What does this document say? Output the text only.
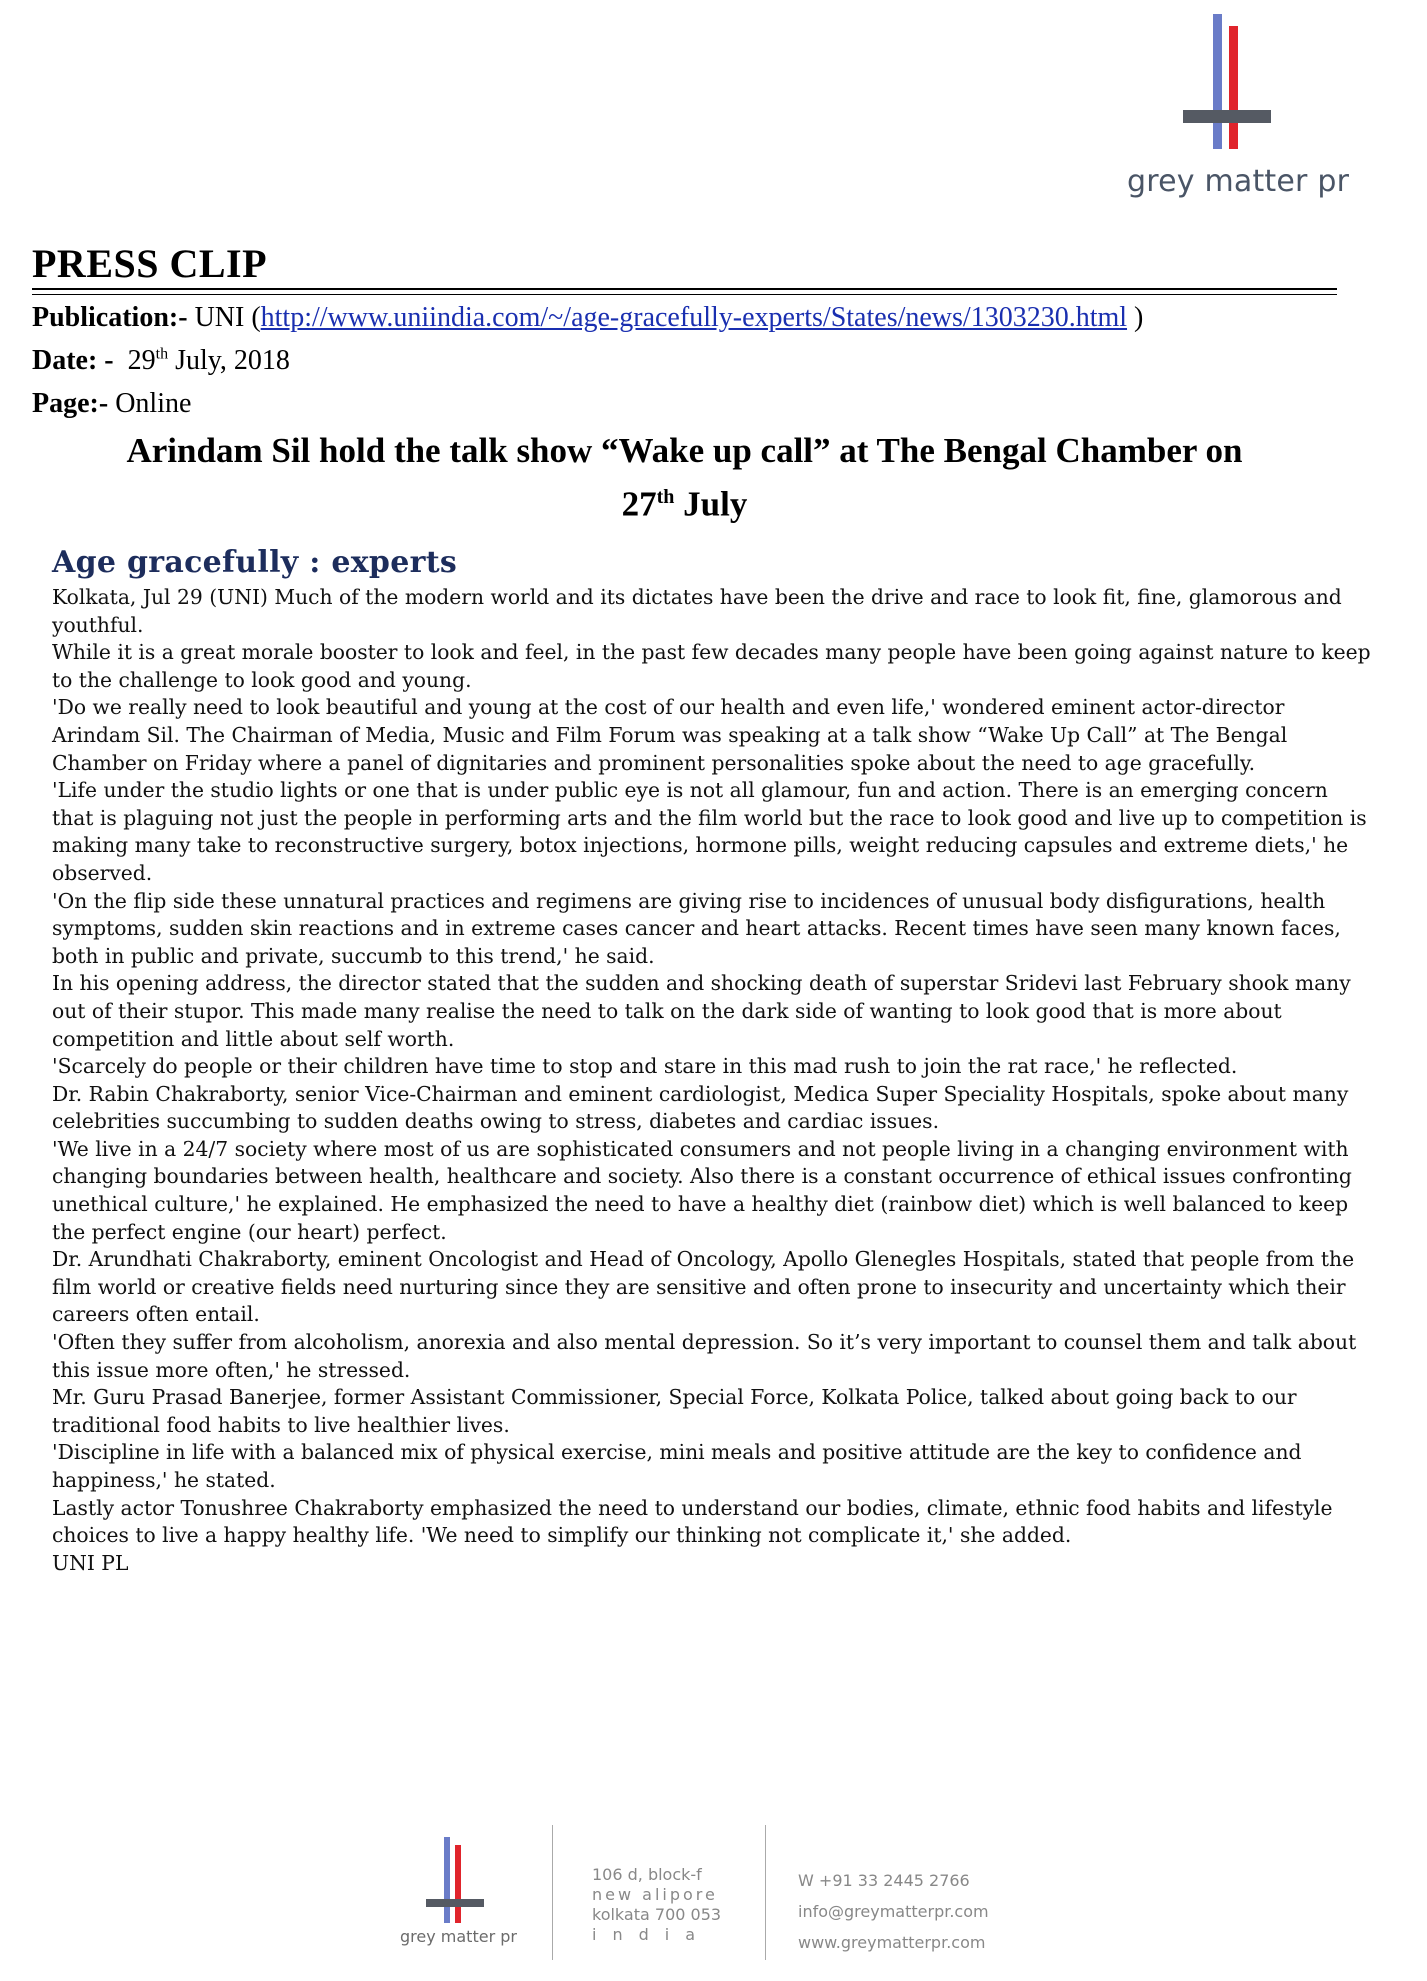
grey matter pr
PRESS CLIP
Publication:- UNI (http://www.uniindia.com/~/age-gracefully-experts/States/news/1303230.html )
Date: - 29th July, 2018
Page:- Online
Arindam Sil hold the talk show “Wake up call” at The Bengal Chamber on
27th July
Age gracefully : experts

Kolkata, Jul 29 (UNI) Much of the modern world and its dictates have been the drive and race to look fit, fine, glamorous and youthful.

While it is a great morale booster to look and feel, in the past few decades many people have been going against nature to keep to the challenge to look good and young.

'Do we really need to look beautiful and young at the cost of our health and even life,' wondered eminent actor-director Arindam Sil. The Chairman of Media, Music and Film Forum was speaking at a talk show “Wake Up Call” at The Bengal Chamber on Friday where a panel of dignitaries and prominent personalities spoke about the need to age gracefully.

'Life under the studio lights or one that is under public eye is not all glamour, fun and action. There is an emerging concern that is plaguing not just the people in performing arts and the film world but the race to look good and live up to competition is making many take to reconstructive surgery, botox injections, hormone pills, weight reducing capsules and extreme diets,' he observed.

'On the flip side these unnatural practices and regimens are giving rise to incidences of unusual body disfigurations, health symptoms, sudden skin reactions and in extreme cases cancer and heart attacks. Recent times have seen many known faces, both in public and private, succumb to this trend,' he said.

In his opening address, the director stated that the sudden and shocking death of superstar Sridevi last February shook many out of their stupor. This made many realise the need to talk on the dark side of wanting to look good that is more about competition and little about self worth.

'Scarcely do people or their children have time to stop and stare in this mad rush to join the rat race,' he reflected.

Dr. Rabin Chakraborty, senior Vice-Chairman and eminent cardiologist, Medica Super Speciality Hospitals, spoke about many celebrities succumbing to sudden deaths owing to stress, diabetes and cardiac issues.

'We live in a 24/7 society where most of us are sophisticated consumers and not people living in a changing environment with changing boundaries between health, healthcare and society. Also there is a constant occurrence of ethical issues confronting unethical culture,' he explained. He emphasized the need to have a healthy diet (rainbow diet) which is well balanced to keep the perfect engine (our heart) perfect.

Dr. Arundhati Chakraborty, eminent Oncologist and Head of Oncology, Apollo Glenegles Hospitals, stated that people from the film world or creative fields need nurturing since they are sensitive and often prone to insecurity and uncertainty which their careers often entail.

'Often they suffer from alcoholism, anorexia and also mental depression. So it’s very important to counsel them and talk about this issue more often,' he stressed.

Mr. Guru Prasad Banerjee, former Assistant Commissioner, Special Force, Kolkata Police, talked about going back to our traditional food habits to live healthier lives.

'Discipline in life with a balanced mix of physical exercise, mini meals and positive attitude are the key to confidence and happiness,' he stated.

Lastly actor Tonushree Chakraborty emphasized the need to understand our bodies, climate, ethnic food habits and lifestyle choices to live a happy healthy life. 'We need to simplify our thinking not complicate it,' she added.

UNI PL

grey matter pr
106 d, block-f
new alipore
kolkata 700 053
india
W +91 33 2445 2766
info@greymatterpr.com
www.greymatterpr.com
